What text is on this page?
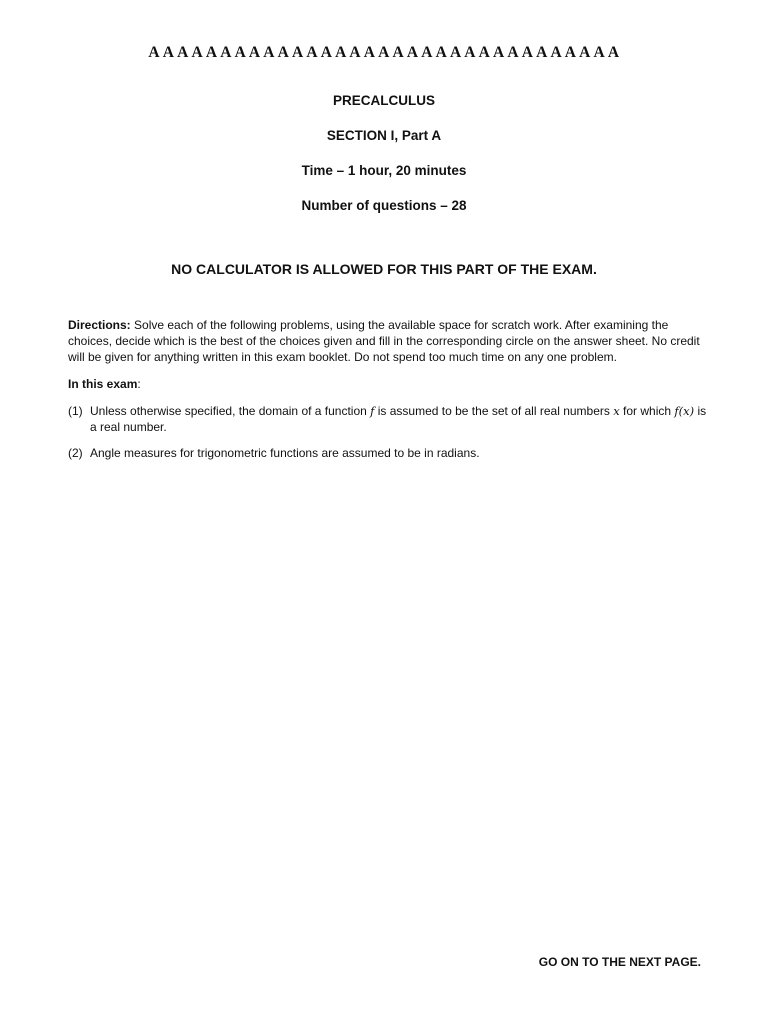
A A A A A A A A A A A A A A A A A A A A A A A A A A A A A A A A A
PRECALCULUS
SECTION I, Part A
Time – 1 hour, 20 minutes
Number of questions – 28
NO CALCULATOR IS ALLOWED FOR THIS PART OF THE EXAM.
Directions: Solve each of the following problems, using the available space for scratch work. After examining the choices, decide which is the best of the choices given and fill in the corresponding circle on the answer sheet. No credit will be given for anything written in this exam booklet. Do not spend too much time on any one problem.
In this exam:
(1) Unless otherwise specified, the domain of a function f is assumed to be the set of all real numbers x for which f(x) is a real number.
(2) Angle measures for trigonometric functions are assumed to be in radians.
GO ON TO THE NEXT PAGE.
